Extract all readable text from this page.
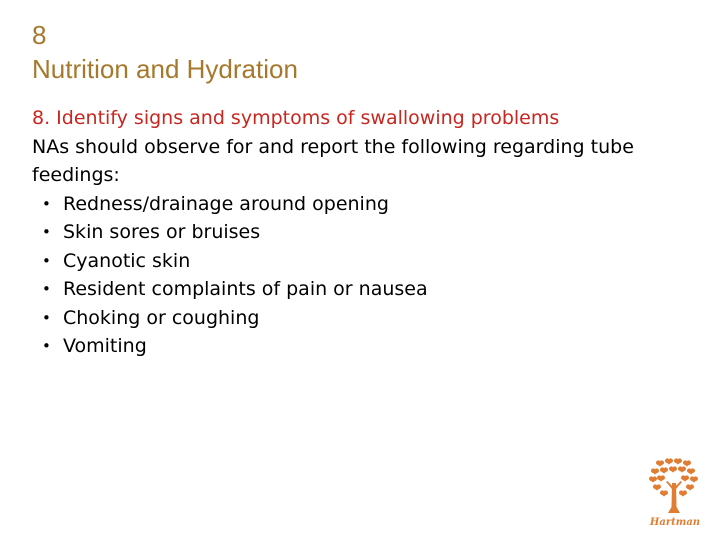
8
Nutrition and Hydration
8. Identify signs and symptoms of swallowing problems

NAs should observe for and report the following regarding tube feedings:

• Redness/drainage around opening
• Skin sores or bruises
• Cyanotic skin
• Resident complaints of pain or nausea
• Choking or coughing
• Vomiting
Hartman
